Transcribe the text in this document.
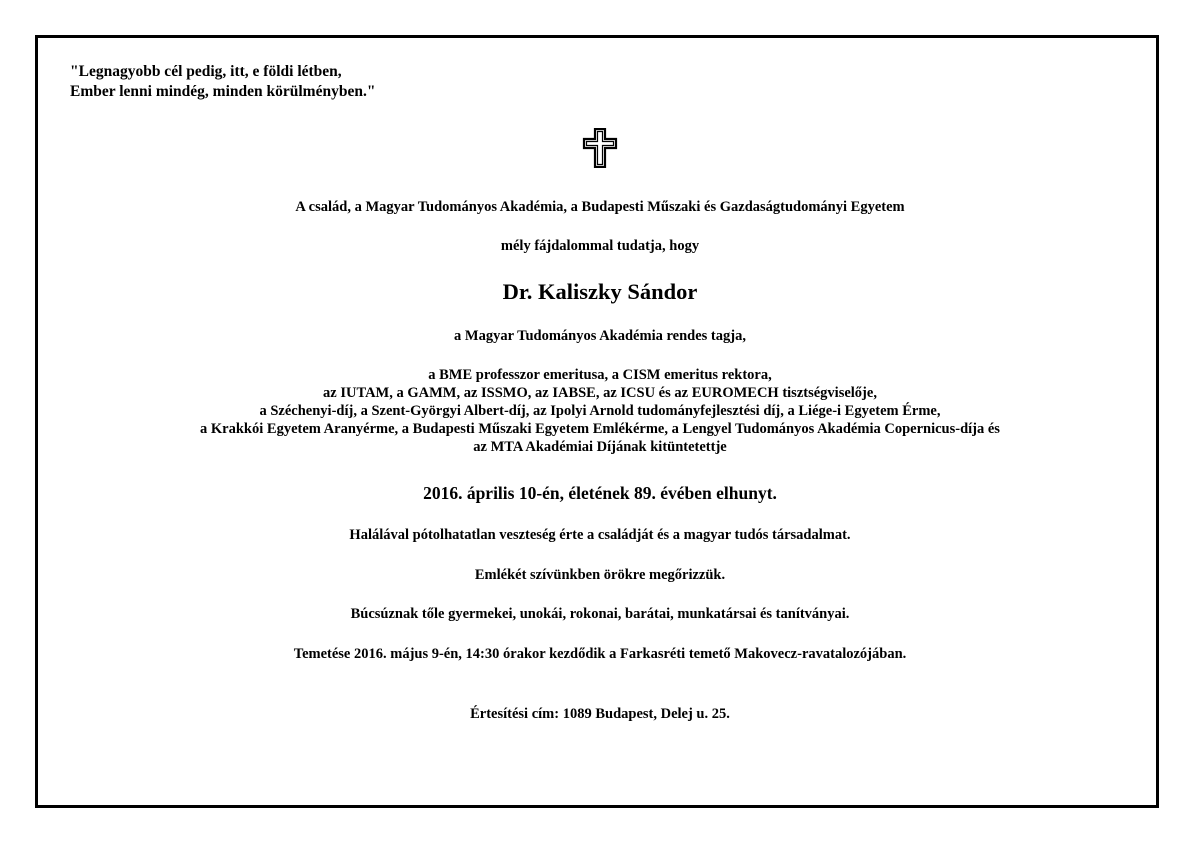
"Legnagyobb cél pedig, itt, e földi létben,
Ember lenni mindég, minden körülményben."
A család, a Magyar Tudományos Akadémia, a Budapesti Műszaki és Gazdaságtudományi Egyetem
mély fájdalommal tudatja, hogy
Dr. Kaliszky Sándor
a Magyar Tudományos Akadémia rendes tagja,
a BME professzor emeritusa, a CISM emeritus rektora,
az IUTAM, a GAMM, az ISSMO, az IABSE, az ICSU és az EUROMECH tisztségviselője,
a Széchenyi-díj, a Szent-Györgyi Albert-díj, az Ipolyi Arnold tudományfejlesztési díj, a Liége-i Egyetem Érme,
a Krakkói Egyetem Aranyérme, a Budapesti Műszaki Egyetem Emlékérme, a Lengyel Tudományos Akadémia Copernicus-díja és
az MTA Akadémiai Díjának kitüntetettje
2016. április 10-én, életének 89. évében elhunyt.
Halálával pótolhatatlan veszteség érte a családját és a magyar tudós társadalmat.
Emlékét szívünkben örökre megőrizzük.
Búcsúznak tőle gyermekei, unokái, rokonai, barátai, munkatársai és tanítványai.
Temetése 2016. május 9-én, 14:30 órakor kezdődik a Farkasréti temető Makovecz-ravatalozójában.
Értesítési cím: 1089 Budapest, Delej u. 25.
